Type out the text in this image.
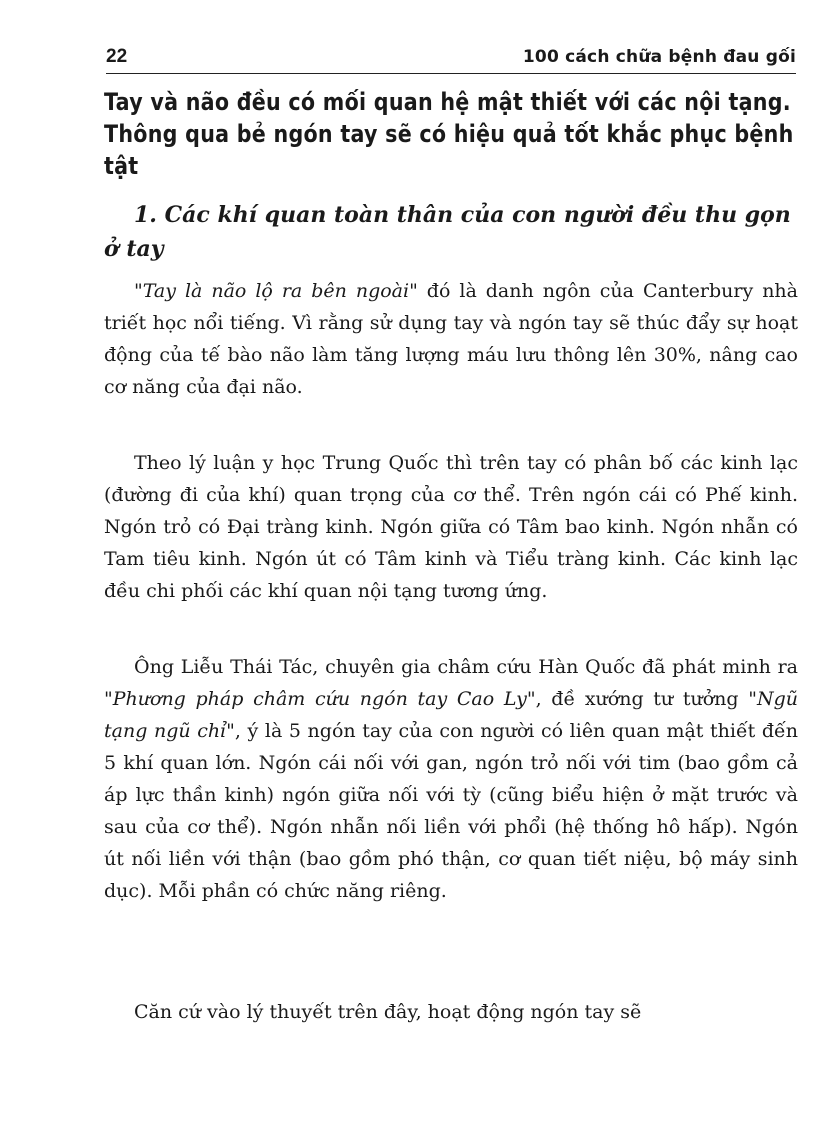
22	100 cách chữa bệnh đau gối
Tay và não đều có mối quan hệ mật thiết với các nội tạng. Thông qua bẻ ngón tay sẽ có hiệu quả tốt khắc phục bệnh tật
1. Các khí quan toàn thân của con người đều thu gọn ở tay

"Tay là não lộ ra bên ngoài" đó là danh ngôn của Canterbury nhà triết học nổi tiếng. Vì rằng sử dụng tay và ngón tay sẽ thúc đẩy sự hoạt động của tế bào não làm tăng lượng máu lưu thông lên 30%, nâng cao cơ năng của đại não.

Theo lý luận y học Trung Quốc thì trên tay có phân bố các kinh lạc (đường đi của khí) quan trọng của cơ thể. Trên ngón cái có Phế kinh. Ngón trỏ có Đại tràng kinh. Ngón giữa có Tâm bao kinh. Ngón nhẫn có Tam tiêu kinh. Ngón út có Tâm kinh và Tiểu tràng kinh. Các kinh lạc đều chi phối các khí quan nội tạng tương ứng.

Ông Liễu Thái Tác, chuyên gia châm cứu Hàn Quốc đã phát minh ra "Phương pháp châm cứu ngón tay Cao Ly", đề xướng tư tưởng "Ngũ tạng ngũ chỉ", ý là 5 ngón tay của con người có liên quan mật thiết đến 5 khí quan lớn. Ngón cái nối với gan, ngón trỏ nối với tim (bao gồm cả áp lực thần kinh) ngón giữa nối với tỳ (cũng biểu hiện ở mặt trước và sau của cơ thể). Ngón nhẫn nối liền với phổi (hệ thống hô hấp). Ngón út nối liền với thận (bao gồm phó thận, cơ quan tiết niệu, bộ máy sinh dục). Mỗi phần có chức năng riêng.

Căn cứ vào lý thuyết trên đây, hoạt động ngón tay sẽ
